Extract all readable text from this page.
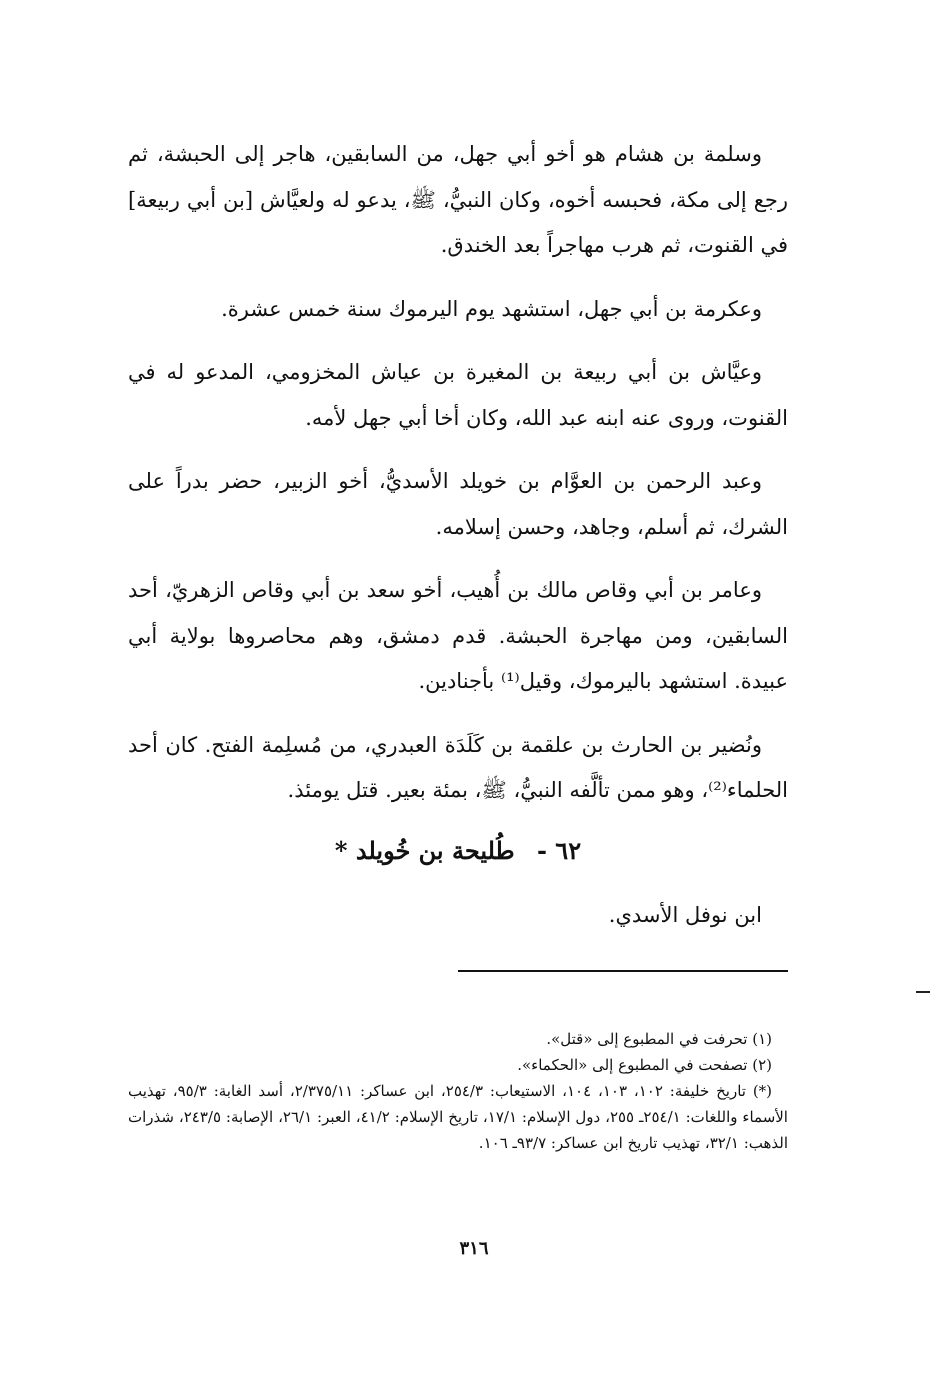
وسلمة بن هشام هو أخو أبي جهل، من السابقين، هاجر إلى الحبشة، ثم رجع إلى مكة، فحبسه أخوه، وكان النبيُّ، ﷺ، يدعو له ولعيَّاش [بن أبي ربيعة] في القنوت، ثم هرب مهاجراً بعد الخندق.

وعكرمة بن أبي جهل، استشهد يوم اليرموك سنة خمس عشرة.

وعيَّاش بن أبي ربيعة بن المغيرة بن عياش المخزومي، المدعو له في القنوت، وروى عنه ابنه عبد الله، وكان أخا أبي جهل لأمه.

وعبد الرحمن بن العوَّام بن خويلد الأسديُّ، أخو الزبير، حضر بدراً على الشرك، ثم أسلم، وجاهد، وحسن إسلامه.

وعامر بن أبي وقاص مالك بن أُهيب، أخو سعد بن أبي وقاص الزهريّ، أحد السابقين، ومن مهاجرة الحبشة. قدم دمشق، وهم محاصروها بولاية أبي عبيدة. استشهد باليرموك، وقيل⁽¹⁾ بأجنادين.

ونُضير بن الحارث بن علقمة بن كَلَدَة العبدري، من مُسلِمة الفتح. كان أحد الحلماء⁽²⁾، وهو ممن تألَّفه النبيُّ، ﷺ، بمئة بعير. قتل يومئذ.

٦٢ - طُليحة بن خُويلد *

ابن نوفل الأسدي.

(١) تحرفت في المطبوع إلى «قتل».

(٢) تصفحت في المطبوع إلى «الحكماء».

(*) تاريخ خليفة: ١٠٢، ١٠٣، ١٠٤، الاستيعاب: ٢٥٤/٣، ابن عساكر: ٢/٣٧٥/١١، أسد الغابة: ٩٥/٣، تهذيب الأسماء واللغات: ٢٥٤/١ـ ٢٥٥، دول الإسلام: ١٧/١، تاريخ الإسلام: ٤١/٢، العبر: ٢٦/١، الإصابة: ٢٤٣/٥، شذرات الذهب: ٣٢/١، تهذيب تاريخ ابن عساكر: ٩٣/٧ـ ١٠٦.

٣١٦
